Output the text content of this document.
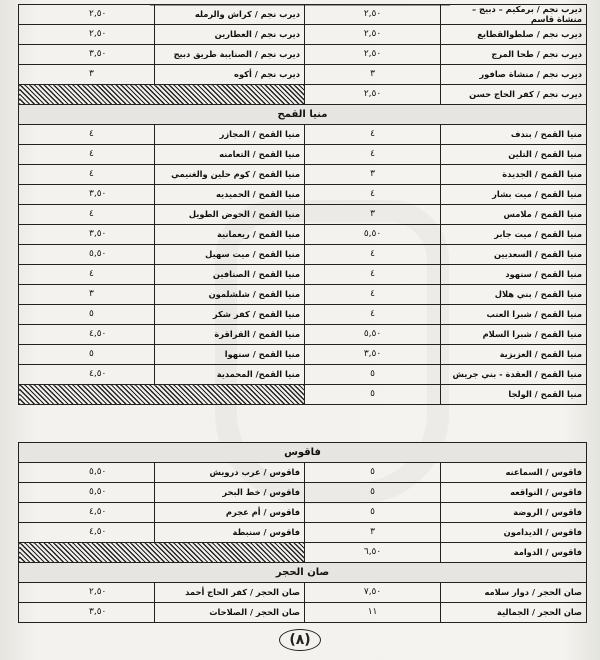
ديرب نجم / برمكيم – دبيج – منشاة قاسم	٢,٥٠	ديرب نجم / كراش والرمله	٢,٥٠
ديرب نجم / صلطوالقطايع	٢,٥٠	ديرب نجم / العطارين	٢,٥٠
ديرب نجم / طحا المرج	٢,٥٠	ديرب نجم / الصنايبة طريق دبيج	٣,٥٠
ديرب نجم / منشاة صافور	٣	ديرب نجم / أكوه	٣
ديرب نجم / كفر الحاج حسن	٢,٥٠		
منيا القمح			
منيا القمح / بندف	٤	منيا القمح / المجازر	٤
منيا القمح / التلين	٤	منيا القمح / التعامنه	٤
منيا القمح / الجديدة	٣	منيا القمح / كوم حلين والغنيمي	٤
منيا القمح / ميت بشار	٤	منيا القمح / الحميديه	٣,٥٠
منيا القمح / ملامس	٣	منيا القمح / الحوض الطويل	٤
منيا القمح / ميت جابر	٥,٥٠	منيا القمح / ريعمانية	٣,٥٠
منيا القمح / السعديين	٤	منيا القمح / ميت سهيل	٥,٥٠
منيا القمح / سنهود	٤	منيا القمح / الصنافين	٤
منيا القمح / بني هلال	٤	منيا القمح / شلشلمون	٣
منيا القمح / شبرا العنب	٤	منيا القمح / كفر شكر	٥
منيا القمح / شبرا السلام	٥,٥٠	منيا القمح / القراقرة	٤,٥٠
منيا القمح / العزيزية	٣,٥٠	منيا القمح / سنهوا	٥
منيا القمح / العقدة - بني جريش	٥	منيا القمح/ المحمدية	٤,٥٠
منيا القمح / الولجا	٥		
فاقوس			
فاقوس / السماعنه	٥	فاقوس / عرب درويش	٥,٥٠
فاقوس / النواقعه	٥	فاقوس / خط البحر	٥,٥٠
فاقوس / الروضة	٥	فاقوس / أم عجرم	٤,٥٠
فاقوس / الديدامون	٣	فاقوس / سنبطة	٤,٥٠
فاقوس / الدوامة	٦,٥٠		
صان الحجر			
صان الحجر / دوار سلامه	٧,٥٠	صان الحجر / كفر الحاج أحمد	٢,٥٠
صان الحجر / الجمالية	١١	صان الحجر / الصلاحات	٣,٥٠
(٨)
